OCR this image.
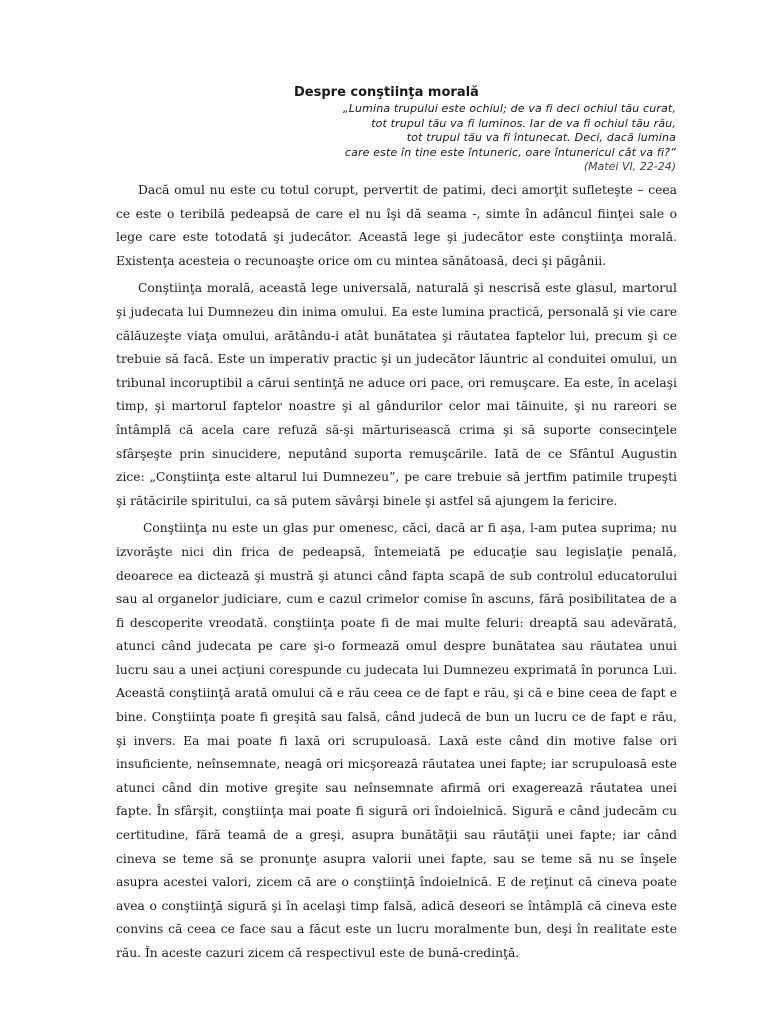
Despre conştiinţa morală
„Lumina trupului este ochiul; de va fi deci ochiul tău curat,
tot trupul tău va fi luminos. Iar de va fi ochiul tău rău,
tot trupul tău va fi întunecat. Deci, dacă lumina
care este în tine este întuneric, oare întunericul cât va fi?”
(Matei VI, 22-24)

Dacă omul nu este cu totul corupt, pervertit de patimi, deci amorţit sufleteşte – ceea ce este o teribilă pedeapsă de care el nu îşi dă seama -, simte în adâncul fiinţei sale o lege care este totodată şi judecător. Această lege şi judecător este conştiinţa morală. Existenţa acesteia o recunoaşte orice om cu mintea sănătoasă, deci şi păgânii.

Conştiinţa morală, această lege universală, naturală şi nescrisă este glasul, martorul şi judecata lui Dumnezeu din inima omului. Ea este lumina practică, personală şi vie care călăuzeşte viaţa omului, arătându-i atât bunătatea şi răutatea faptelor lui, precum şi ce trebuie să facă. Este un imperativ practic şi un judecător lăuntric al conduitei omului, un tribunal incoruptibil a cărui sentinţă ne aduce ori pace, ori remuşcare. Ea este, în acelaşi timp, şi martorul faptelor noastre şi al gândurilor celor mai tăinuite, şi nu rareori se întâmplă că acela care refuză să-şi mărturisească crima şi să suporte consecinţele sfârşeşte prin sinucidere, neputând suporta remuşcările. Iată de ce Sfântul Augustin zice: „Conştiinţa este altarul lui Dumnezeu”, pe care trebuie să jertfim patimile trupeşti şi rătăcirile spiritului, ca să putem săvârşi binele şi astfel să ajungem la fericire.

Conştiinţa nu este un glas pur omenesc, căci, dacă ar fi aşa, l-am putea suprima; nu izvorăşte nici din frica de pedeapsă, întemeiată pe educaţie sau legislaţie penală, deoarece ea dictează şi mustră şi atunci când fapta scapă de sub controlul educatorului sau al organelor judiciare, cum e cazul crimelor comise în ascuns, fără posibilitatea de a fi descoperite vreodată. conştiinţa poate fi de mai multe feluri: dreaptă sau adevărată, atunci când judecata pe care şi-o formează omul despre bunătatea sau răutatea unui lucru sau a unei acţiuni corespunde cu judecata lui Dumnezeu exprimată în porunca Lui. Această conştiinţă arată omului că e rău ceea ce de fapt e rău, şi că e bine ceea de fapt e bine. Conştiinţa poate fi greşită sau falsă, când judecă de bun un lucru ce de fapt e rău, şi invers. Ea mai poate fi laxă ori scrupuloasă. Laxă este când din motive false ori insuficiente, neînsemnate, neagă ori micşorează răutatea unei fapte; iar scrupuloasă este atunci când din motive greşite sau neînsemnate afirmă ori exagerează răutatea unei fapte. În sfârşit, conştiinţa mai poate fi sigură ori îndoielnică. Sigură e când judecăm cu certitudine, fără teamă de a greşi, asupra bunătăţii sau răutăţii unei fapte; iar când cineva se teme să se pronunţe asupra valorii unei fapte, sau se teme să nu se înşele asupra acestei valori, zicem că are o conştiinţă îndoielnică. E de reţinut că cineva poate avea o conştiinţă sigură şi în acelaşi timp falsă, adică deseori se întâmplă că cineva este convins că ceea ce face sau a făcut este un lucru moralmente bun, deşi în realitate este rău. În aceste cazuri zicem că respectivul este de bună-credinţă.
